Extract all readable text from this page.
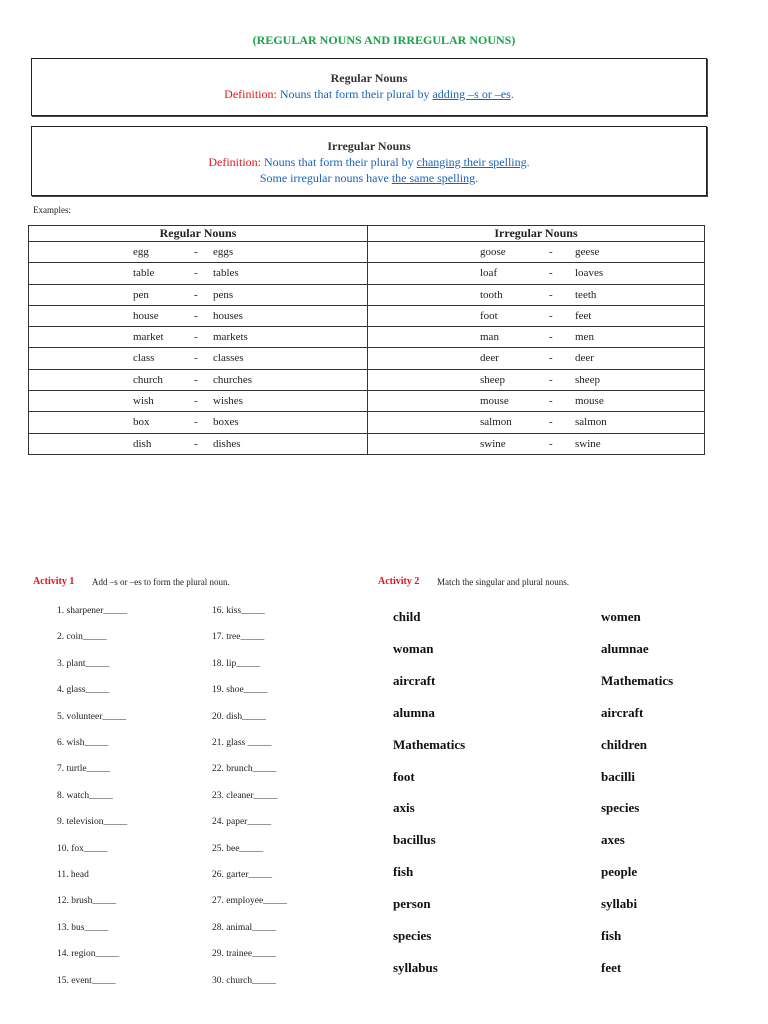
(REGULAR NOUNS AND IRREGULAR NOUNS)
Regular Nouns
Definition: Nouns that form their plural by adding –s or –es.
Irregular Nouns
Definition: Nouns that form their plural by changing their spelling.
Some irregular nouns have the same spelling.
Examples:
Regular Nouns	Irregular Nouns

egg - eggs	goose - geese

table - tables	loaf - loaves

pen - pens	tooth - teeth

house - houses	foot - feet

market - markets	man - men

class - classes	deer - deer

church - churches	sheep - sheep

wish - wishes	mouse - mouse

box - boxes	salmon - salmon

dish - dishes	swine - swine
Activity 1 Add –s or –es to form the plural noun.
1. sharpener_____
2. coin_____
3. plant_____
4. glass_____
5. volunteer_____
6. wish_____
7. turtle_____
8. watch_____
9. television_____
10. fox_____
11. head
12. brush_____
13. bus_____
14. region_____
15. event_____
16. kiss_____
17. tree_____
18. lip_____
19. shoe_____
20. dish_____
21. glass _____
22. brunch_____
23. cleaner_____
24. paper_____
25. bee_____
26. garter_____
27. employee_____
28. animal_____
29. trainee_____
30. church_____
Activity 2 Match the singular and plural nouns.
child
woman
aircraft
alumna
Mathematics
foot
axis
bacillus
fish
person
species
syllabus
women
alumnae
Mathematics
aircraft
children
bacilli
species
axes
people
syllabi
fish
feet
